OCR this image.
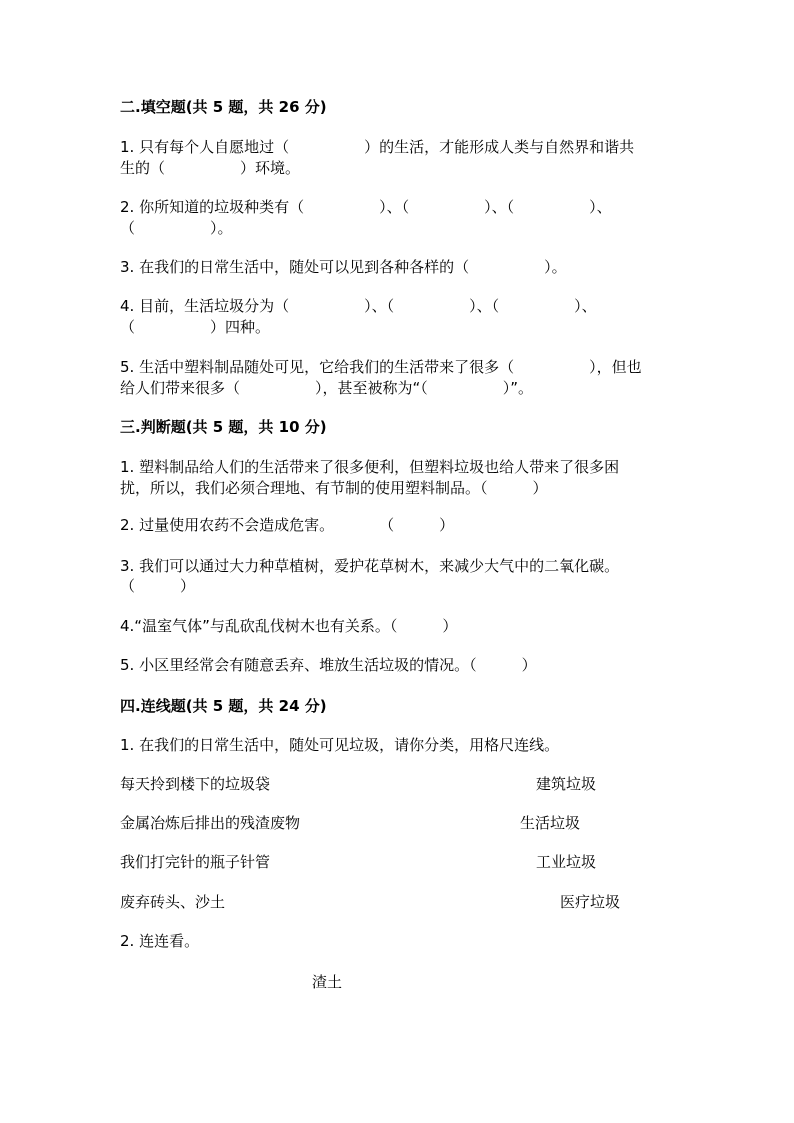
二.填空题(共 5 题，共 26 分)
1. 只有每个人自愿地过（　　　　　）的生活，才能形成人类与自然界和谐共
生的（　　　　　）环境。
2. 你所知道的垃圾种类有（　　　　　）、（　　　　　）、（　　　　　）、
（　　　　　）。
3. 在我们的日常生活中，随处可以见到各种各样的（　　　　　）。
4. 目前，生活垃圾分为（　　　　　）、（　　　　　）、（　　　　　）、
（　　　　　）四种。
5. 生活中塑料制品随处可见，它给我们的生活带来了很多（　　　　　），但也
给人们带来很多（　　　　　），甚至被称为“（　　　　　）”。
三.判断题(共 5 题，共 10 分)
1. 塑料制品给人们的生活带来了很多便利，但塑料垃圾也给人带来了很多困
扰，所以，我们必须合理地、有节制的使用塑料制品。（　　　）
2. 过量使用农药不会造成危害。　　　　（　　　）
3. 我们可以通过大力种草植树，爱护花草树木，来减少大气中的二氧化碳。
（　　　）
4.“温室气体”与乱砍乱伐树木也有关系。（　　　）
5. 小区里经常会有随意丢弃、堆放生活垃圾的情况。（　　　）
四.连线题(共 5 题，共 24 分)
1. 在我们的日常生活中，随处可见垃圾，请你分类，用格尺连线。
每天拎到楼下的垃圾袋	建筑垃圾
金属冶炼后排出的残渣废物	生活垃圾
我们打完针的瓶子针管	工业垃圾
废弃砖头、沙土	医疗垃圾
2. 连连看。
渣土
